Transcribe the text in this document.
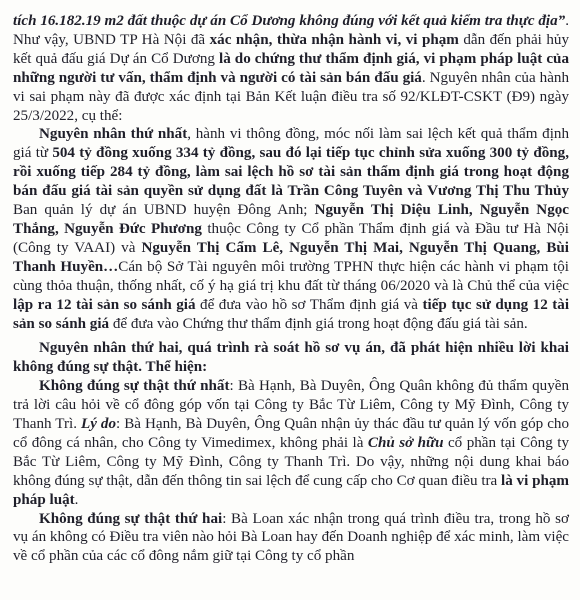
tích 16.182.19 m2 đất thuộc dự án Cổ Dương không đúng với kết quả kiểm tra thực địa”. Như vậy, UBND TP Hà Nội đã xác nhận, thừa nhận hành vi, vi phạm dẫn đến phải hủy kết quả đấu giá Dự án Cổ Dương là do chứng thư thẩm định giá, vi phạm pháp luật của những người tư vấn, thẩm định và người có tài sản bán đấu giá. Nguyên nhân của hành vi sai phạm này đã được xác định tại Bản Kết luận điều tra số 92/KLĐT-CSKT (Đ9) ngày 25/3/2022, cụ thể:

Nguyên nhân thứ nhất, hành vi thông đồng, móc nối làm sai lệch kết quả thẩm định giá từ 504 tỷ đồng xuống 334 tỷ đồng, sau đó lại tiếp tục chỉnh sửa xuống 300 tỷ đồng, rồi xuống tiếp 284 tỷ đồng, làm sai lệch hồ sơ tài sản thẩm định giá trong hoạt động bán đấu giá tài sản quyền sử dụng đất là Trần Công Tuyên và Vương Thị Thu Thủy Ban quản lý dự án UBND huyện Đông Anh; Nguyễn Thị Diệu Linh, Nguyễn Ngọc Thắng, Nguyễn Đức Phương thuộc Công ty Cổ phần Thẩm định giá và Đầu tư Hà Nội (Công ty VAAI) và Nguyễn Thị Cẩm Lê, Nguyễn Thị Mai, Nguyễn Thị Quang, Bùi Thanh Huyền…Cán bộ Sở Tài nguyên môi trường TPHN thực hiện các hành vi phạm tội cùng thỏa thuận, thống nhất, cố ý hạ giá trị khu đất từ tháng 06/2020 và là Chủ thể của việc lập ra 12 tài sản so sánh giá để đưa vào hồ sơ Thẩm định giá và tiếp tục sử dụng 12 tài sản so sánh giá để đưa vào Chứng thư thẩm định giá trong hoạt động đấu giá tài sản.

Nguyên nhân thứ hai, quá trình rà soát hồ sơ vụ án, đã phát hiện nhiều lời khai không đúng sự thật. Thể hiện:

Không đúng sự thật thứ nhất: Bà Hạnh, Bà Duyên, Ông Quân không đủ thẩm quyền trả lời câu hỏi về cổ đông góp vốn tại Công ty Bắc Từ Liêm, Công ty Mỹ Đình, Công ty Thanh Trì. Lý do: Bà Hạnh, Bà Duyên, Ông Quân nhận ủy thác đầu tư quản lý vốn góp cho cổ đông cá nhân, cho Công ty Vimedimex, không phải là Chủ sở hữu cổ phần tại Công ty Bắc Từ Liêm, Công ty Mỹ Đình, Công ty Thanh Trì. Do vậy, những nội dung khai báo không đúng sự thật, dẫn đến thông tin sai lệch để cung cấp cho Cơ quan điều tra là vi phạm pháp luật.

Không đúng sự thật thứ hai: Bà Loan xác nhận trong quá trình điều tra, trong hồ sơ vụ án không có Điều tra viên nào hỏi Bà Loan hay đến Doanh nghiệp để xác minh, làm việc về cổ phần của các cổ đông nắm giữ tại Công ty cổ phần
